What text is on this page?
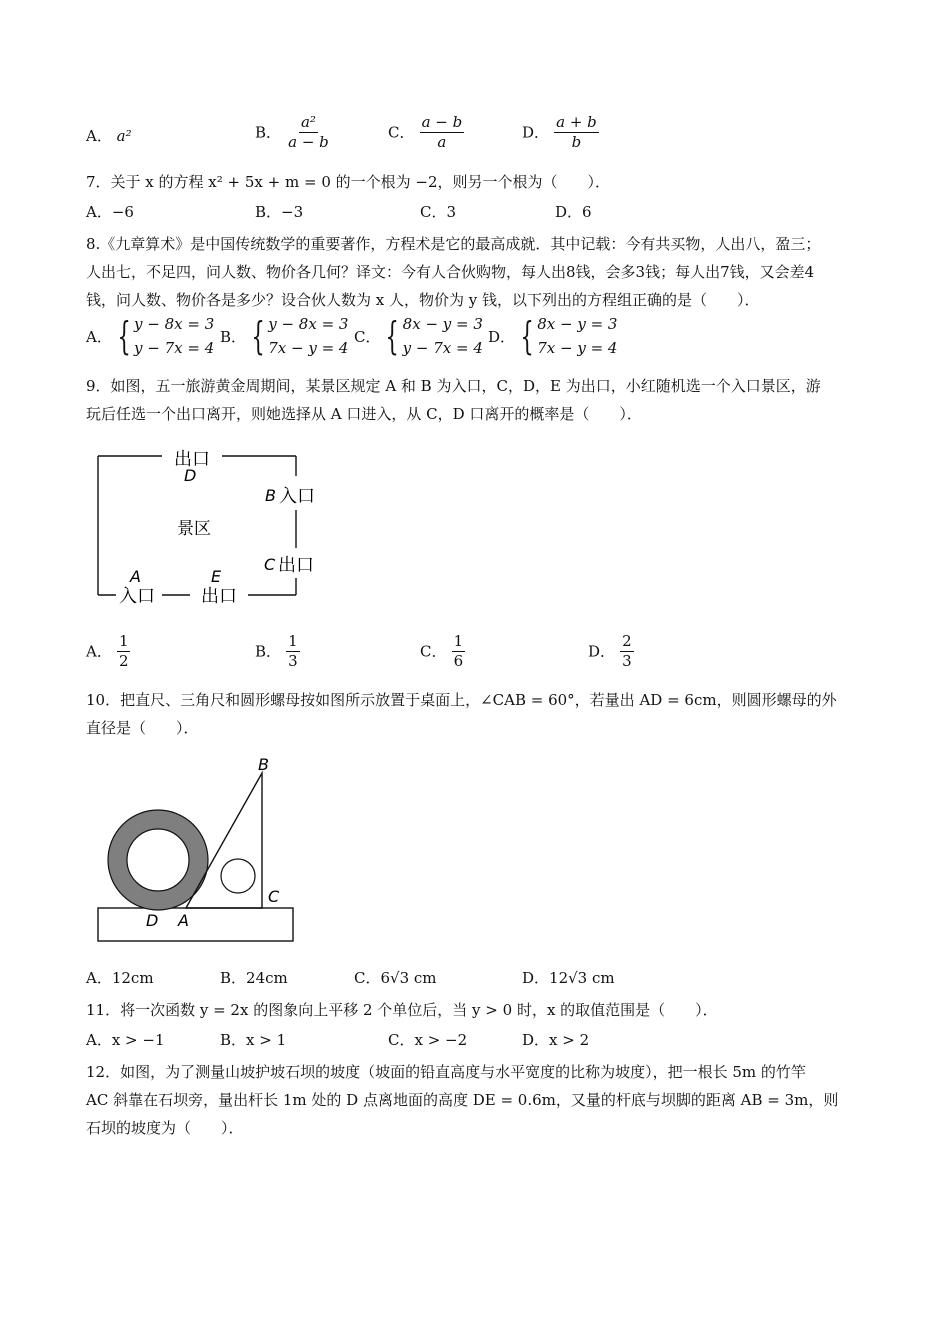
A． a²	B． $\frac{\text{a²}}{a - b}$	C． $\frac{a - b}{a}$	D． $\frac{a + b}{b}$
7．关于 x 的方程 x² + 5x + m = 0 的一个根为 −2，则另一个根为（　　）．
A．−6	B．−3	C．3	D．6
8.《九章算术》是中国传统数学的重要著作，方程术是它的最高成就．其中记载：今有共买物，人出八，盈三；
人出七，不足四，问人数、物价各几何？译文：今有人合伙购物，每人出8钱，会多3钱；每人出7钱，又会差4
钱，问人数、物价各是多少？设合伙人数为 x 人，物价为 y 钱，以下列出的方程组正确的是（　　）．
A． { y − 8x = 3
y − 7x = 4
B． { y − 8x = 3
7x − y = 4
C． { 8x − y = 3
y − 7x = 4
D． { 8x − y = 3
7x − y = 4
9．如图，五一旅游黄金周期间，某景区规定 A 和 B 为入口，C，D，E 为出口，小红随机选一个入口景区，游
玩后任选一个出口离开，则她选择从 A 口进入，从 C，D 口离开的概率是（　　）．
出口
D
B 入口
景区
C 出口
A
入口
E
出口
A． $\frac{1}{2}$	B． $\frac{1}{3}$	C． $\frac{1}{6}$	D． $\frac{2}{3}$
10．把直尺、三角尺和圆形螺母按如图所示放置于桌面上，∠CAB = 60°，若量出 AD = 6cm，则圆形螺母的外
直径是（　　）．
B
C
D A
A．12cm	B．24cm	C．6√3 cm	D．12√3 cm
11．将一次函数 y = 2x 的图象向上平移 2 个单位后，当 y > 0 时，x 的取值范围是（　　）．
A．x > −1	B．x > 1	C．x > −2	D．x > 2
12．如图，为了测量山坡护坡石坝的坡度（坡面的铅直高度与水平宽度的比称为坡度），把一根长 5m 的竹竿
AC 斜靠在石坝旁，量出杆长 1m 处的 D 点离地面的高度 DE = 0.6m，又量的杆底与坝脚的距离 AB = 3m，则
石坝的坡度为（　　）．
